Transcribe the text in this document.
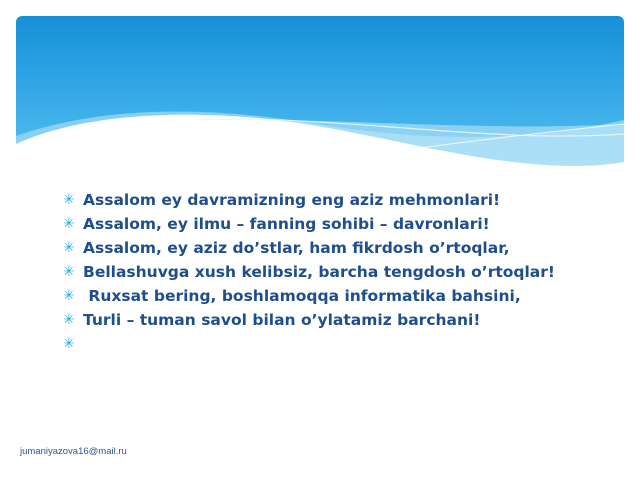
✳ Assalom ey davramizning eng aziz mehmonlari!
✳ Assalom, ey ilmu – fanning sohibi – davronlari!
✳ Assalom, ey aziz do’stlar, ham fikrdosh o’rtoqlar,
✳ Bellashuvga xush kelibsiz, barcha tengdosh o’rtoqlar!
✳ Ruxsat bering, boshlamoqqa informatika bahsini,
✳ Turli – tuman savol bilan o’ylatamiz barchani!
✳
jumaniyazova16@mail.ru
